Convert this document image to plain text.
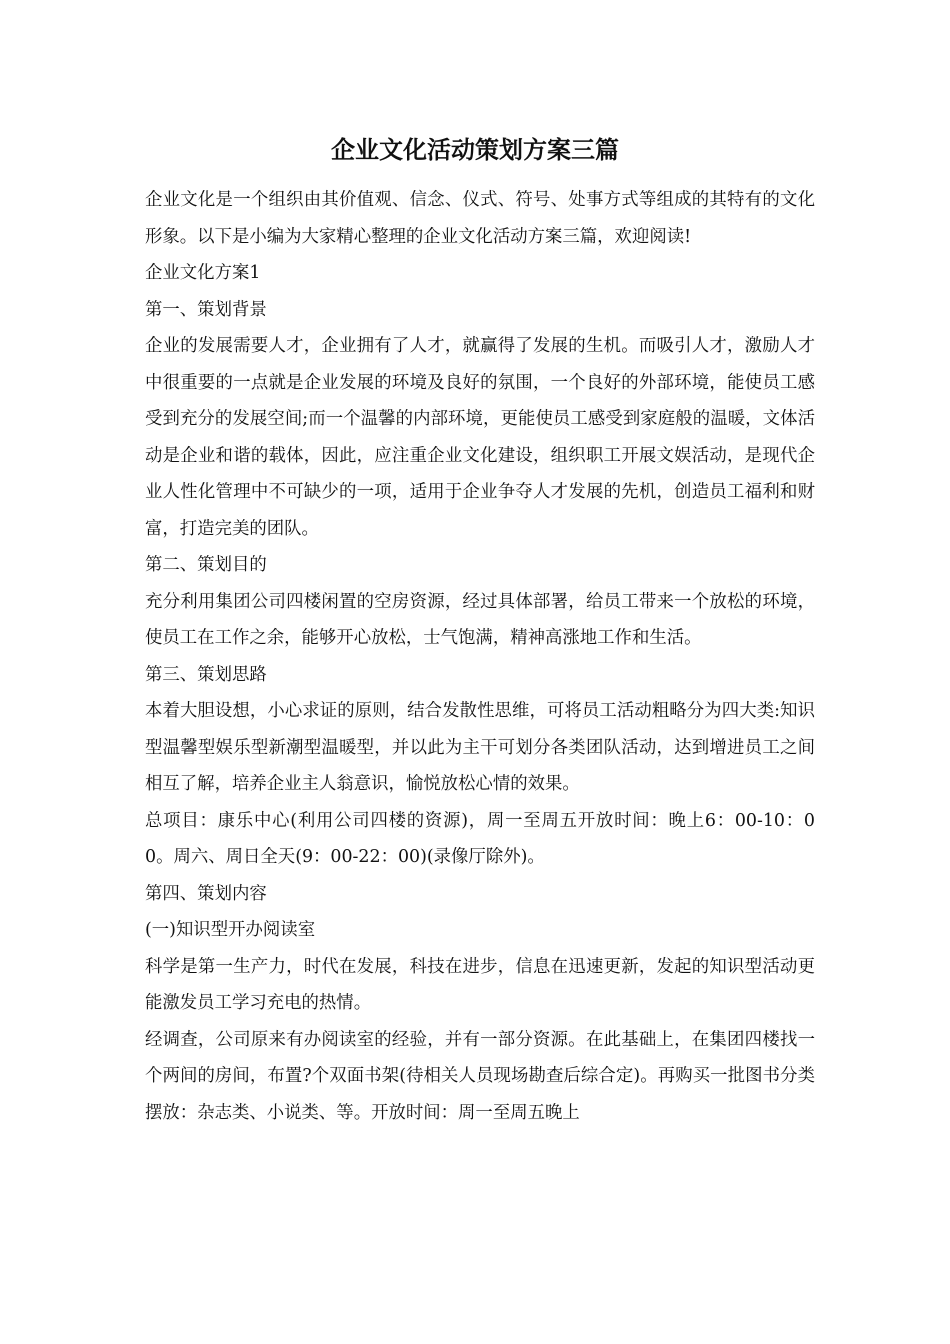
企业文化活动策划方案三篇

企业文化是一个组织由其价值观、信念、仪式、符号、处事方式等组成的其特有的文化形象。以下是小编为大家精心整理的企业文化活动方案三篇，欢迎阅读!

企业文化方案1

第一、策划背景

企业的发展需要人才，企业拥有了人才，就赢得了发展的生机。而吸引人才，激励人才中很重要的一点就是企业发展的环境及良好的氛围，一个良好的外部环境，能使员工感受到充分的发展空间;而一个温馨的内部环境，更能使员工感受到家庭般的温暖，文体活动是企业和谐的载体，因此，应注重企业文化建设，组织职工开展文娱活动，是现代企业人性化管理中不可缺少的一项，适用于企业争夺人才发展的先机，创造员工福利和财富，打造完美的团队。

第二、策划目的

充分利用集团公司四楼闲置的空房资源，经过具体部署，给员工带来一个放松的环境，使员工在工作之余，能够开心放松，士气饱满，精神高涨地工作和生活。

第三、策划思路

本着大胆设想，小心求证的原则，结合发散性思维，可将员工活动粗略分为四大类:知识型温馨型娱乐型新潮型温暖型，并以此为主干可划分各类团队活动，达到增进员工之间相互了解，培养企业主人翁意识，愉悦放松心情的效果。

总项目：康乐中心(利用公司四楼的资源)，周一至周五开放时间：晚上6：00-10：00。周六、周日全天(9：00-22：00)(录像厅除外)。

第四、策划内容

(一)知识型开办阅读室

科学是第一生产力，时代在发展，科技在进步，信息在迅速更新，发起的知识型活动更能激发员工学习充电的热情。

经调查，公司原来有办阅读室的经验，并有一部分资源。在此基础上，在集团四楼找一个两间的房间，布置?个双面书架(待相关人员现场勘查后综合定)。再购买一批图书分类摆放：杂志类、小说类、等。开放时间：周一至周五晚上
